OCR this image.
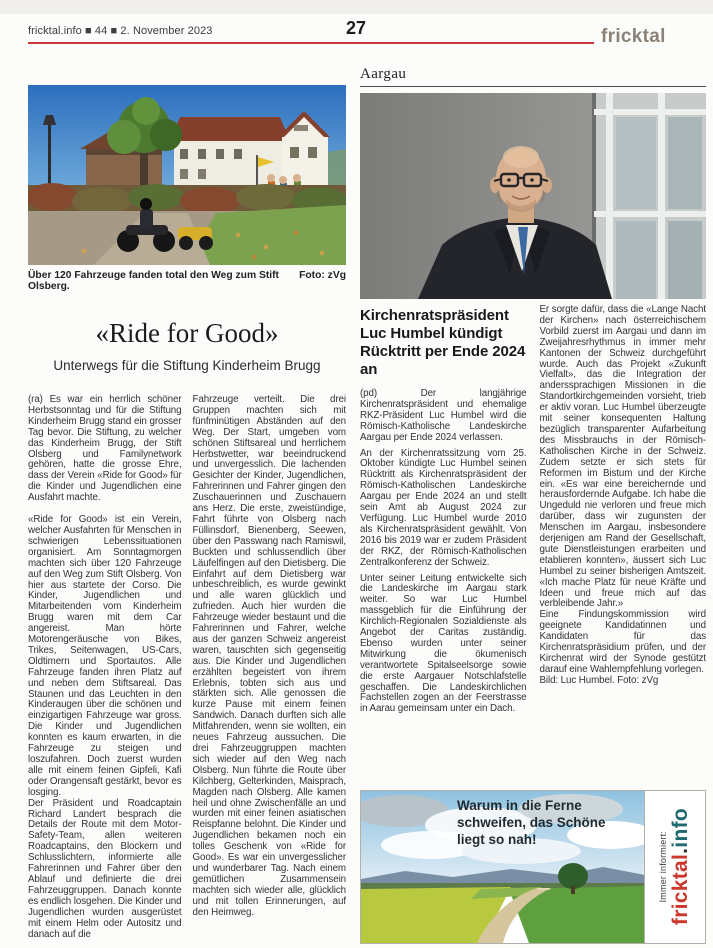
fricktal.info ■ 44 ■ 2. November 2023	27	fricktal
Über 120 Fahrzeuge fanden total den Weg zum Stift Olsberg.
Foto: zVg
«Ride for Good»
Unterwegs für die Stiftung Kinderheim Brugg

(ra) Es war ein herrlich schöner Herbstsonntag und für die Stiftung Kinderheim Brugg stand ein grosser Tag bevor. Die Stiftung, zu welcher das Kinderheim Brugg, der Stift Olsberg und Familynetwork gehören, hatte die grosse Ehre, dass der Verein «Ride for Good» für die Kinder und Jugendlichen eine Ausfahrt machte.

«Ride for Good» ist ein Verein, welcher Ausfahrten für Menschen in schwierigen Lebenssituationen organisiert. Am Sonntagmorgen machten sich über 120 Fahrzeuge auf den Weg zum Stift Olsberg. Von hier aus startete der Corso. Die Kinder, Jugendlichen und Mitarbeitenden vom Kinderheim Brugg waren mit dem Car angereist. Man hörte Motorengeräusche von Bikes, Trikes, Seitenwagen, US-Cars, Oldtimern und Sportautos. Alle Fahrzeuge fanden ihren Platz auf und neben dem Stiftsareal. Das Staunen und das Leuchten in den Kinderaugen über die schönen und einzigartigen Fahrzeuge war gross. Die Kinder und Jugendlichen konnten es kaum erwarten, in die Fahrzeuge zu steigen und loszufahren. Doch zuerst wurden alle mit einem feinen Gipfeli, Kafi oder Orangensaft gestärkt, bevor es losging.

Der Präsident und Roadcaptain Richard Landert besprach die Details der Route mit dem Motor-Safety-Team, allen weiteren Roadcaptains, den Blockern und Schlusslichtern, informierte alle Fahrerinnen und Fahrer über den Ablauf und definierte die drei Fahrzeuggruppen. Danach konnte es endlich losgehen. Die Kinder und Jugendlichen wurden ausgerüstet mit einem Helm oder Autositz und danach auf die

Fahrzeuge verteilt. Die drei Gruppen machten sich mit fünfminütigen Abständen auf den Weg. Der Start, umgeben vom schönen Stiftsareal und herrlichem Herbstwetter, war beeindruckend und unvergesslich. Die lachenden Gesichter der Kinder, Jugendlichen, Fahrerinnen und Fahrer gingen den Zuschauerinnen und Zuschauern ans Herz. Die erste, zweistündige, Fahrt führte von Olsberg nach Füllinsdorf, Bienenberg, Seewen, über den Passwang nach Ramiswil, Buckten und schlussendlich über Läufelfingen auf den Dietisberg. Die Einfahrt auf dem Dietisberg war unbeschreiblich, es wurde gewinkt und alle waren glücklich und zufrieden. Auch hier wurden die Fahrzeuge wieder bestaunt und die Fahrerinnen und Fahrer, welche aus der ganzen Schweiz angereist waren, tauschten sich gegenseitig aus. Die Kinder und Jugendlichen erzählten begeistert von ihrem Erlebnis, tobten sich aus und stärkten sich. Alle genossen die kurze Pause mit einem feinen Sandwich. Danach durften sich alle Mitfahrenden, wenn sie wollten, ein neues Fahrzeug aussuchen. Die drei Fahrzeuggruppen machten sich wieder auf den Weg nach Olsberg. Nun führte die Route über Kilchberg, Gelterkinden, Maisprach, Magden nach Olsberg. Alle kamen heil und ohne Zwischenfälle an und wurden mit einer feinen asiatischen Reispfanne belohnt. Die Kinder und Jugendlichen bekamen noch ein tolles Geschenk von «Ride for Good». Es war ein unvergesslicher und wunderbarer Tag. Nach einem gemütlichen Zusammensein machten sich wieder alle, glücklich und mit tollen Erinnerungen, auf den Heimweg.

Aargau
Kirchenratspräsident Luc Humbel kündigt Rücktritt per Ende 2024 an

(pd) Der langjährige Kirchenratspräsident und ehemalige RKZ-Präsident Luc Humbel wird die Römisch-Katholische Landeskirche Aargau per Ende 2024 verlassen.

An der Kirchenratssitzung vom 25. Oktober kündigte Luc Humbel seinen Rücktritt als Kirchenratspräsident der Römisch-Katholischen Landeskirche Aargau per Ende 2024 an und stellt sein Amt ab August 2024 zur Verfügung. Luc Humbel wurde 2010 als Kirchenratspräsident gewählt. Von 2016 bis 2019 war er zudem Präsident der RKZ, der Römisch-Katholischen Zentralkonferenz der Schweiz.

Unter seiner Leitung entwickelte sich die Landeskirche im Aargau stark weiter. So war Luc Humbel massgeblich für die Einführung der Kirchlich-Regionalen Sozialdienste als Angebot der Caritas zuständig. Ebenso wurden unter seiner Mitwirkung die ökumenisch verantwortete Spitalseelsorge sowie die erste Aargauer Notschlafstelle geschaffen. Die Landeskirchlichen Fachstellen zogen an der Feerstrasse in Aarau gemeinsam unter ein Dach.

Er sorgte dafür, dass die «Lange Nacht der Kirchen» nach österreichischem Vorbild zuerst im Aargau und dann im Zweijahresrhythmus in immer mehr Kantonen der Schweiz durchgeführt wurde. Auch das Projekt «Zukunft Vielfalt», das die Integration der anderssprachigen Missionen in die Standortkirchgemeinden vorsieht, trieb er aktiv voran. Luc Humbel überzeugte mit seiner konsequenten Haltung bezüglich transparenter Aufarbeitung des Missbrauchs in der Römisch-Katholischen Kirche in der Schweiz. Zudem setzte er sich stets für Reformen im Bistum und der Kirche ein. «Es war eine bereichernde und herausfordernde Aufgabe. Ich habe die Ungeduld nie verloren und freue mich darüber, dass wir zugunsten der Menschen im Aargau, insbesondere derjenigen am Rand der Gesellschaft, gute Dienstleistungen erarbeiten und etablieren konnten», äussert sich Luc Humbel zu seiner bisherigen Amtszeit. «Ich mache Platz für neue Kräfte und Ideen und freue mich auf das verbleibende Jahr.»

Eine Findungskommission wird geeignete Kandidatinnen und Kandidaten für das Kirchenratspräsidium prüfen, und der Kirchenrat wird der Synode gestützt darauf eine Wahlempfehlung vorlegen.

Bild: Luc Humbel. Foto: zVg

Warum in die Ferne
schweifen, das Schöne
liegt so nah!	Immer informiert: fricktal.info
